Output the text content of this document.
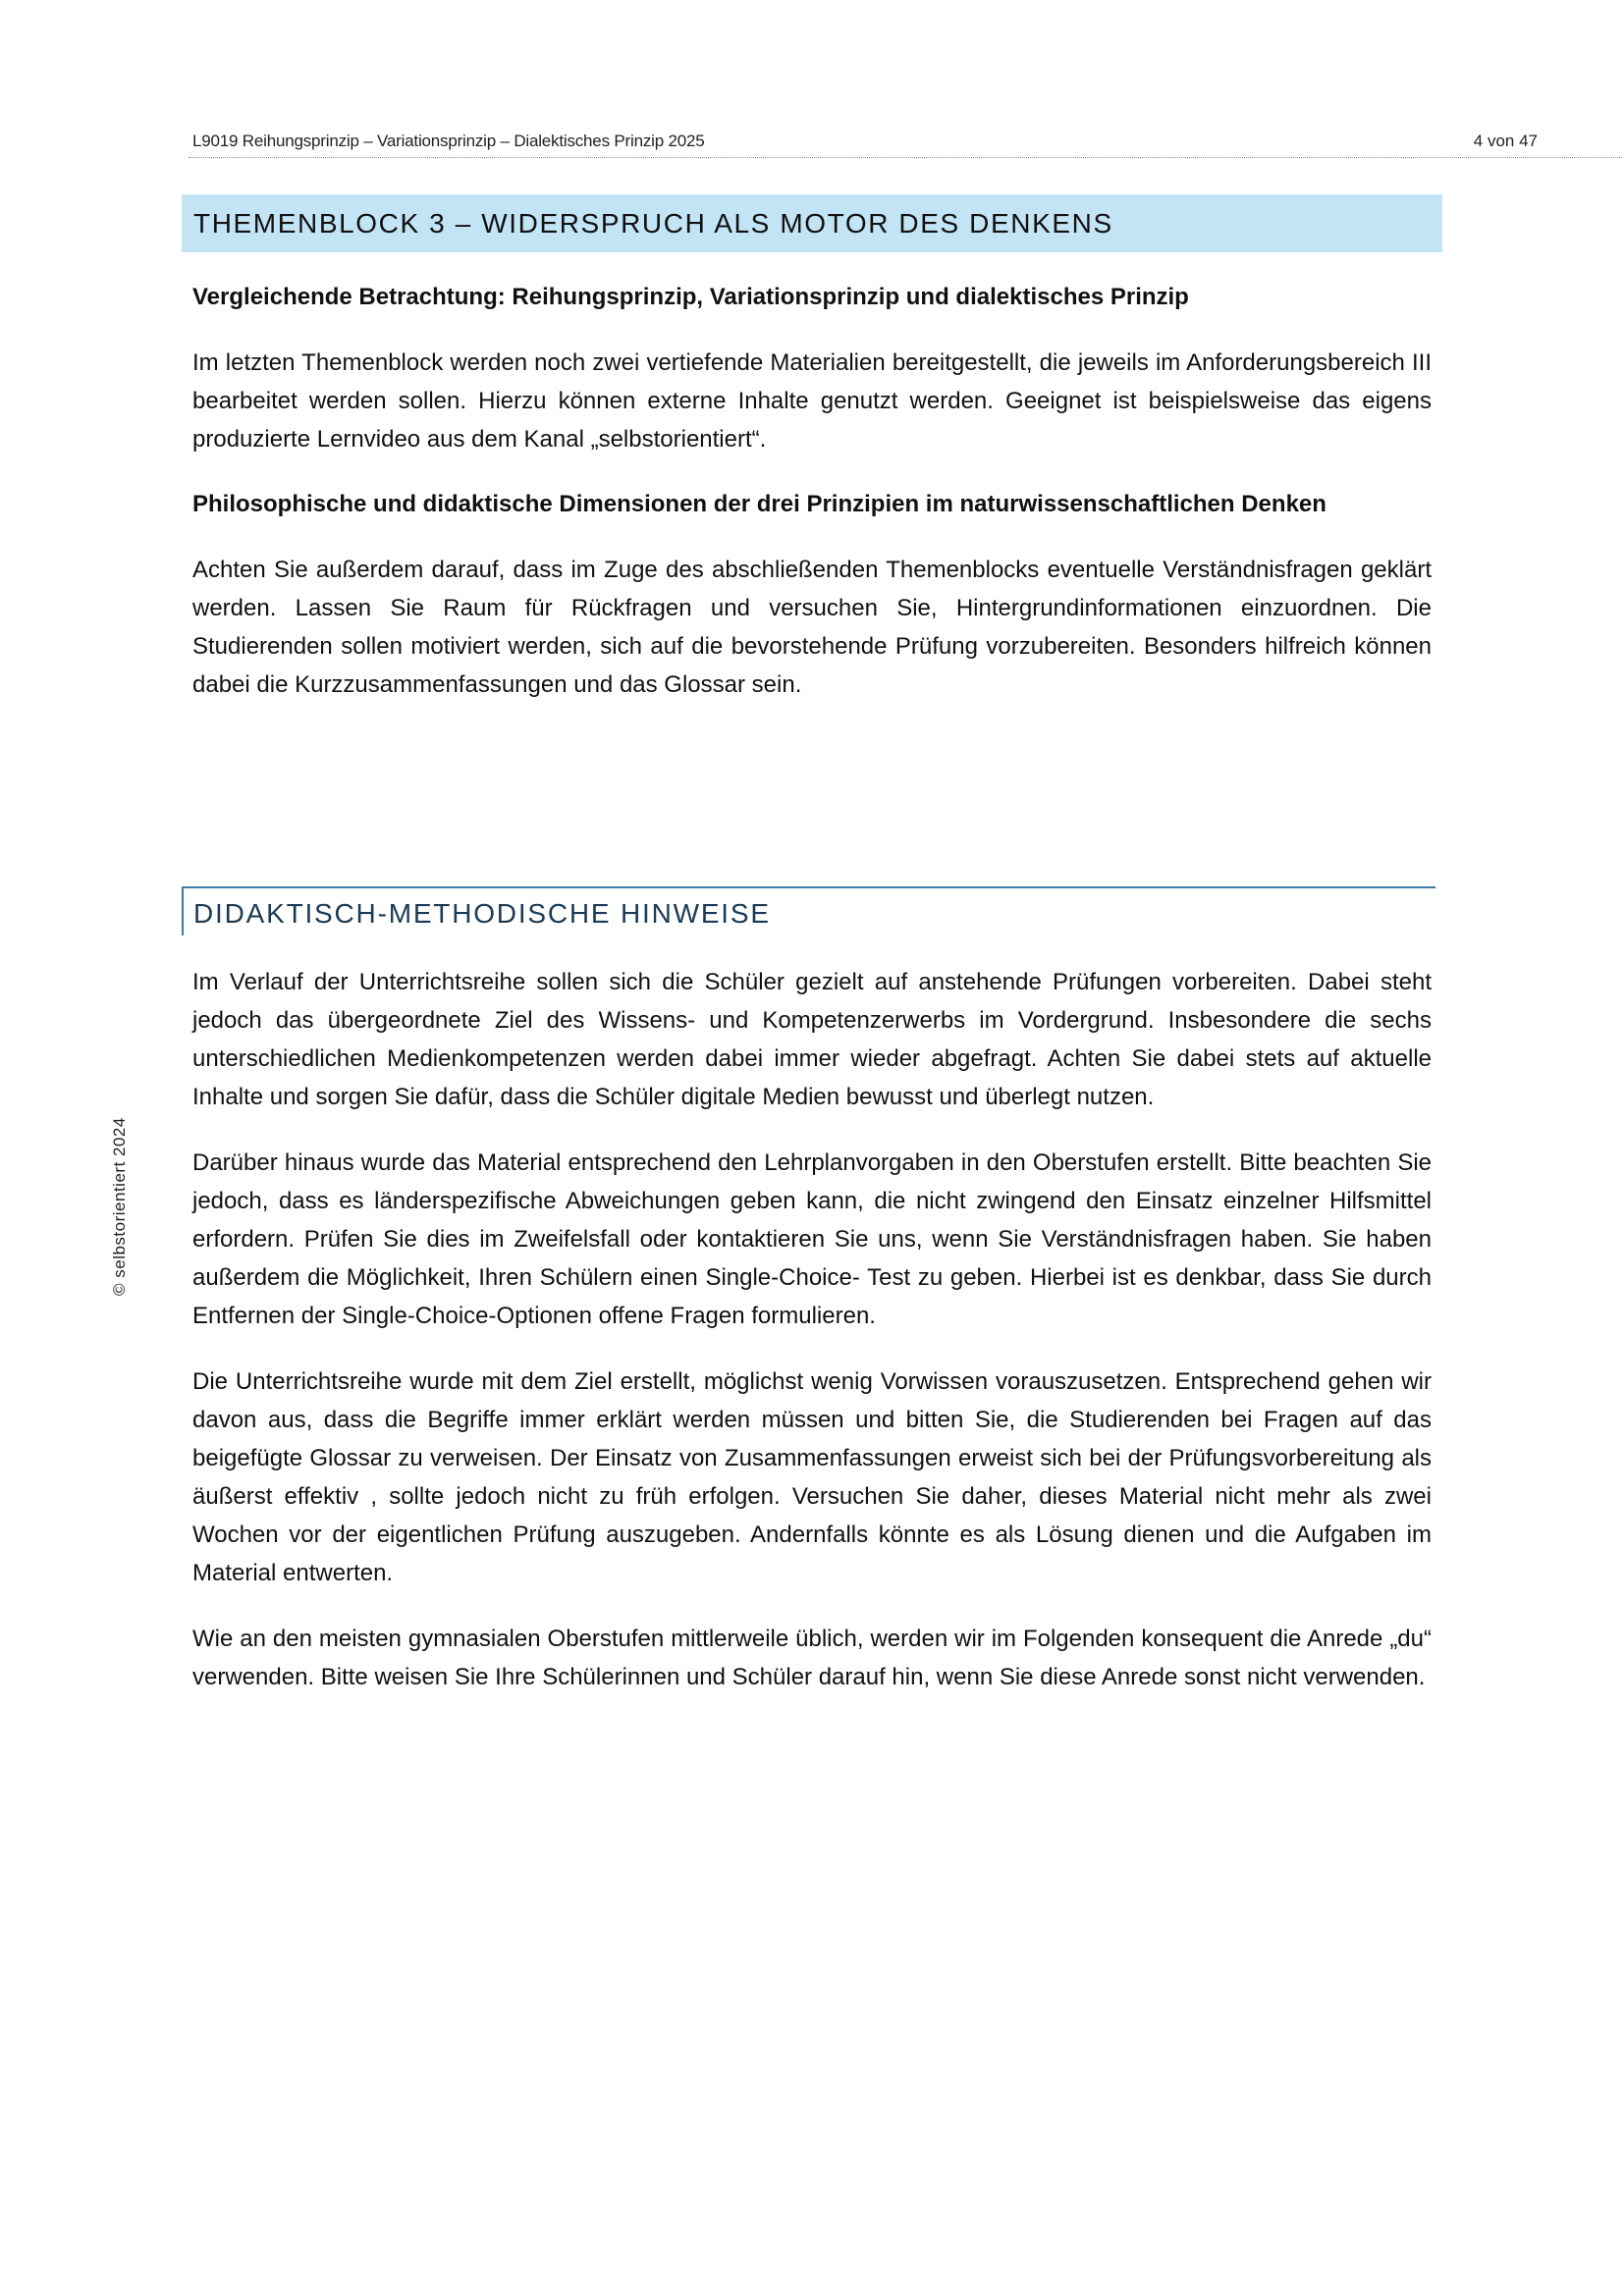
L9019 Reihungsprinzip – Variationsprinzip – Dialektisches Prinzip 2025	4 von 47
© selbstorientiert 2024
THEMENBLOCK 3 – WIDERSPRUCH ALS MOTOR DES DENKENS

Vergleichende Betrachtung: Reihungsprinzip, Variationsprinzip und dialektisches Prinzip

Im letzten Themenblock werden noch zwei vertiefende Materialien bereitgestellt, die jeweils im Anforderungsbereich III bearbeitet werden sollen. Hierzu können externe Inhalte genutzt werden. Geeignet ist beispielsweise das eigens produzierte Lernvideo aus dem Kanal „selbstorientiert“.

Philosophische und didaktische Dimensionen der drei Prinzipien im naturwissenschaftlichen Denken

Achten Sie außerdem darauf, dass im Zuge des abschließenden Themenblocks eventuelle Verständnisfragen geklärt werden. Lassen Sie Raum für Rückfragen und versuchen Sie, Hintergrundinformationen einzuordnen. Die Studierenden sollen motiviert werden, sich auf die bevorstehende Prüfung vorzubereiten. Besonders hilfreich können dabei die Kurzzusammenfassungen und das Glossar sein.

DIDAKTISCH-METHODISCHE HINWEISE

Im Verlauf der Unterrichtsreihe sollen sich die Schüler gezielt auf anstehende Prüfungen vorbereiten. Dabei steht jedoch das übergeordnete Ziel des Wissens- und Kompetenzerwerbs im Vordergrund. Insbesondere die sechs unterschiedlichen Medienkompetenzen werden dabei immer wieder abgefragt. Achten Sie dabei stets auf aktuelle Inhalte und sorgen Sie dafür, dass die Schüler digitale Medien bewusst und überlegt nutzen.

Darüber hinaus wurde das Material entsprechend den Lehrplanvorgaben in den Oberstufen erstellt. Bitte beachten Sie jedoch, dass es länderspezifische Abweichungen geben kann, die nicht zwingend den Einsatz einzelner Hilfsmittel erfordern. Prüfen Sie dies im Zweifelsfall oder kontaktieren Sie uns, wenn Sie Verständnisfragen haben. Sie haben außerdem die Möglichkeit, Ihren Schülern einen Single-Choice- Test zu geben. Hierbei ist es denkbar, dass Sie durch Entfernen der Single-Choice-Optionen offene Fragen formulieren.

Die Unterrichtsreihe wurde mit dem Ziel erstellt, möglichst wenig Vorwissen vorauszusetzen. Entsprechend gehen wir davon aus, dass die Begriffe immer erklärt werden müssen und bitten Sie, die Studierenden bei Fragen auf das beigefügte Glossar zu verweisen. Der Einsatz von Zusammenfassungen erweist sich bei der Prüfungsvorbereitung als äußerst effektiv , sollte jedoch nicht zu früh erfolgen. Versuchen Sie daher, dieses Material nicht mehr als zwei Wochen vor der eigentlichen Prüfung auszugeben. Andernfalls könnte es als Lösung dienen und die Aufgaben im Material entwerten.

Wie an den meisten gymnasialen Oberstufen mittlerweile üblich, werden wir im Folgenden konsequent die Anrede „du“ verwenden. Bitte weisen Sie Ihre Schülerinnen und Schüler darauf hin, wenn Sie diese Anrede sonst nicht verwenden.
